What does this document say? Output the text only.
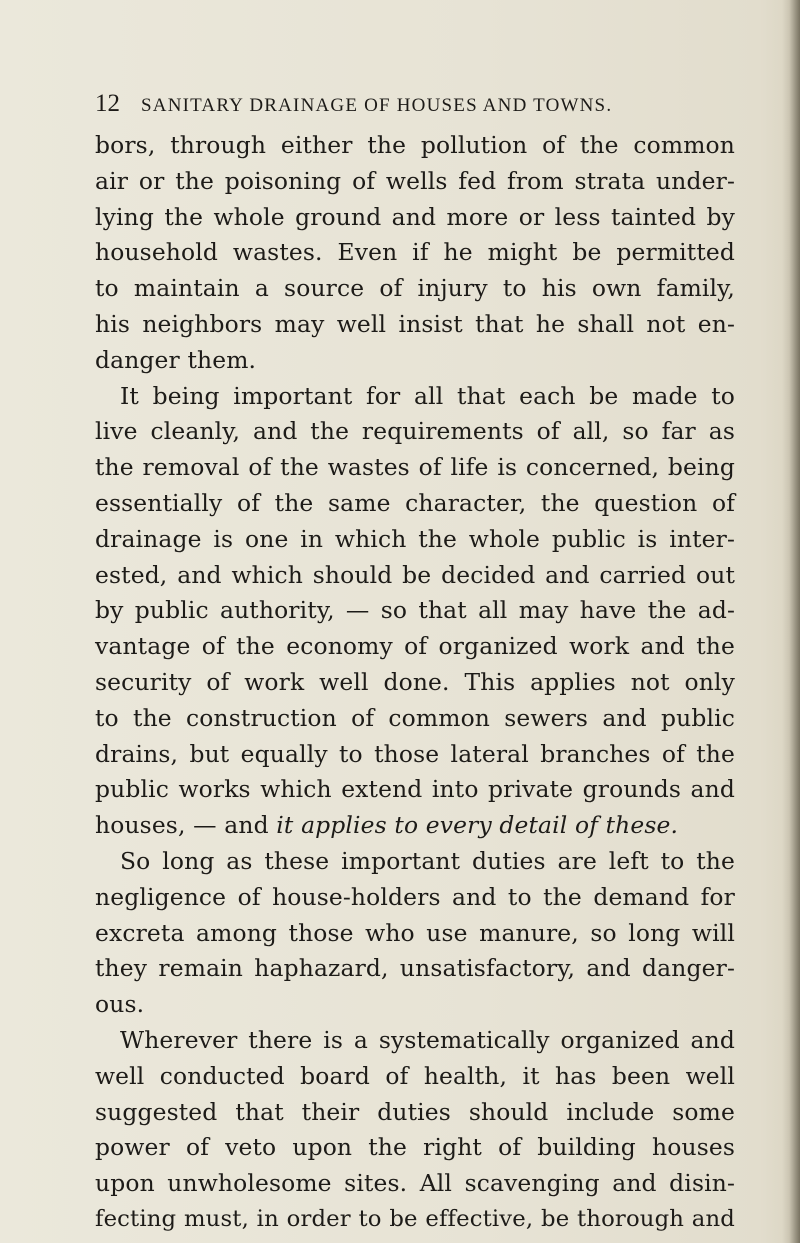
12 SANITARY DRAINAGE OF HOUSES AND TOWNS.
bors, through either the pollution of the common
air or the poisoning of wells fed from strata under-
lying the whole ground and more or less tainted by
household wastes. Even if he might be permitted
to maintain a source of injury to his own family,
his neighbors may well insist that he shall not en-
danger them.
It being important for all that each be made to
live cleanly, and the requirements of all, so far as
the removal of the wastes of life is concerned, being
essentially of the same character, the question of
drainage is one in which the whole public is inter-
ested, and which should be decided and carried out
by public authority, — so that all may have the ad-
vantage of the economy of organized work and the
security of work well done. This applies not only
to the construction of common sewers and public
drains, but equally to those lateral branches of the
public works which extend into private grounds and
houses, — and it applies to every detail of these.
So long as these important duties are left to the
negligence of house-holders and to the demand for
excreta among those who use manure, so long will
they remain haphazard, unsatisfactory, and danger-
ous.
Wherever there is a systematically organized and
well conducted board of health, it has been well
suggested that their duties should include some
power of veto upon the right of building houses
upon unwholesome sites. All scavenging and disin-
fecting must, in order to be effective, be thorough and
